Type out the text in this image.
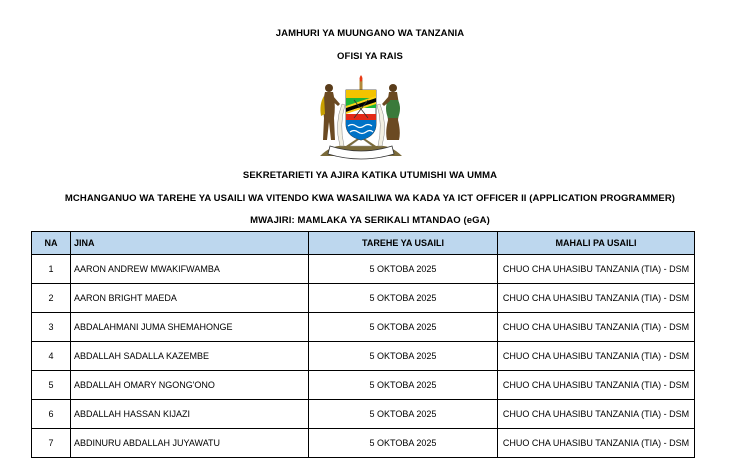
JAMHURI YA MUUNGANO WA TANZANIA
OFISI YA RAIS
SEKRETARIETI YA AJIRA KATIKA UTUMISHI WA UMMA
MCHANGANUO WA TAREHE YA USAILI WA VITENDO KWA WASAILIWA WA KADA YA ICT OFFICER II (APPLICATION PROGRAMMER)
MWAJIRI: MAMLAKA YA SERIKALI MTANDAO (eGA)
NA	JINA	TAREHE YA USAILI	MAHALI PA USAILI
1	AARON ANDREW MWAKIFWAMBA	5 OKTOBA 2025	CHUO CHA UHASIBU TANZANIA (TIA) - DSM
2	AARON BRIGHT MAEDA	5 OKTOBA 2025	CHUO CHA UHASIBU TANZANIA (TIA) - DSM
3	ABDALAHMANI JUMA SHEMAHONGE	5 OKTOBA 2025	CHUO CHA UHASIBU TANZANIA (TIA) - DSM
4	ABDALLAH SADALLA KAZEMBE	5 OKTOBA 2025	CHUO CHA UHASIBU TANZANIA (TIA) - DSM
5	ABDALLAH OMARY NGONG'ONO	5 OKTOBA 2025	CHUO CHA UHASIBU TANZANIA (TIA) - DSM
6	ABDALLAH HASSAN KIJAZI	5 OKTOBA 2025	CHUO CHA UHASIBU TANZANIA (TIA) - DSM
7	ABDINURU ABDALLAH JUYAWATU	5 OKTOBA 2025	CHUO CHA UHASIBU TANZANIA (TIA) - DSM
